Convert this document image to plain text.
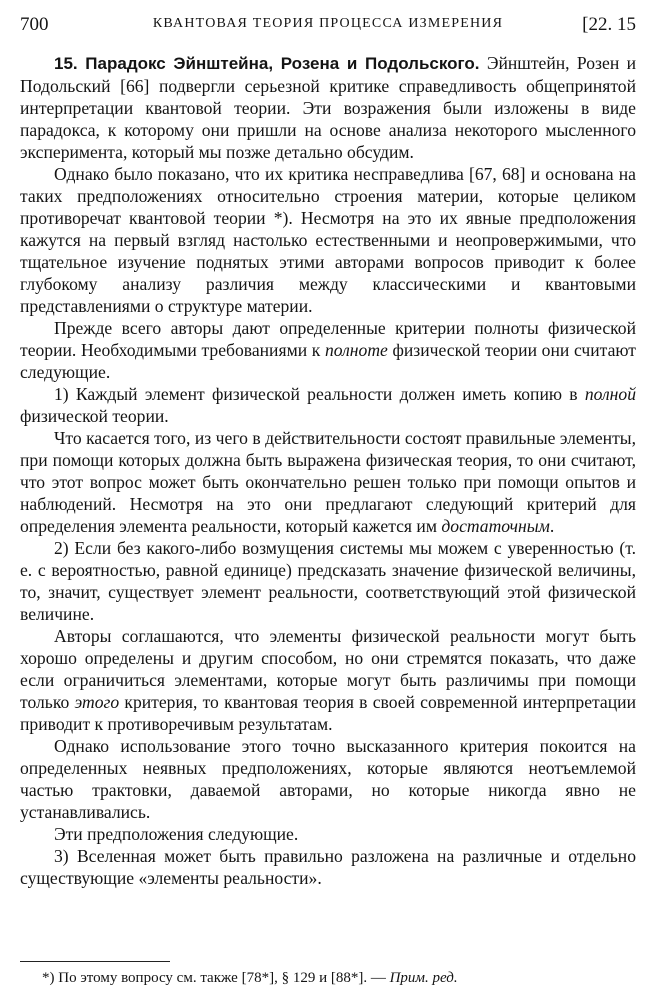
700	КВАНТОВАЯ ТЕОРИЯ ПРОЦЕССА ИЗМЕРЕНИЯ	[22. 15

15. Парадокс Эйнштейна, Розена и Подольского. Эйнштейн, Розен и Подольский [66] подвергли серьезной критике справедливость общепринятой интерпретации квантовой теории. Эти возражения были изложены в виде парадокса, к которому они пришли на основе анализа некоторого мысленного эксперимента, который мы позже детально обсудим.

Однако было показано, что их критика несправедлива [67, 68] и основана на таких предположениях относительно строения материи, которые целиком противоречат квантовой теории *). Несмотря на это их явные предположения кажутся на первый взгляд настолько естественными и неопровержимыми, что тщательное изучение поднятых этими авторами вопросов приводит к более глубокому анализу различия между классическими и квантовыми представлениями о структуре материи.

Прежде всего авторы дают определенные критерии полноты физической теории. Необходимыми требованиями к полноте физической теории они считают следующие.

1) Каждый элемент физической реальности должен иметь копию в полной физической теории.

Что касается того, из чего в действительности состоят правильные элементы, при помощи которых должна быть выражена физическая теория, то они считают, что этот вопрос может быть окончательно решен только при помощи опытов и наблюдений. Несмотря на это они предлагают следующий критерий для определения элемента реальности, который кажется им достаточным.

2) Если без какого-либо возмущения системы мы можем с уверенностью (т. е. с вероятностью, равной единице) предсказать значение физической величины, то, значит, существует элемент реальности, соответствующий этой физической величине.

Авторы соглашаются, что элементы физической реальности могут быть хорошо определены и другим способом, но они стремятся показать, что даже если ограничиться элементами, которые могут быть различимы при помощи только этого критерия, то квантовая теория в своей современной интерпретации приводит к противоречивым результатам.

Однако использование этого точно высказанного критерия покоится на определенных неявных предположениях, которые являются неотъемлемой частью трактовки, даваемой авторами, но которые никогда явно не устанавливались.

Эти предположения следующие.

3) Вселенная может быть правильно разложена на различные и отдельно существующие «элементы реальности».

*) По этому вопросу см. также [78*], § 129 и [88*]. — Прим. ред.
